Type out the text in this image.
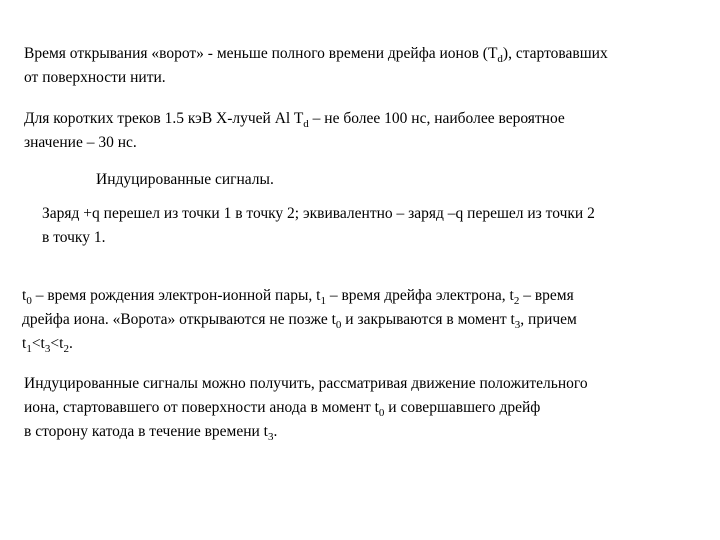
Время открывания «ворот» - меньше полного времени дрейфа ионов $(T_d)$, стартовавших
от поверхности нити.
Для коротких треков 1.5 кэВ X-лучей Al $T_d$ – не более 100 нс, наиболее вероятное
значение – 30 нс.
Индуцированные сигналы.
Заряд +q перешел из точки 1 в точку 2; эквивалентно – заряд –q перешел из точки 2
в точку 1.
$t_0$ – время рождения электрон-ионной пары, $t_1$ – время дрейфа электрона, $t_2$ – время
дрейфа иона. «Ворота» открываются не позже $t_0$ и закрываются в момент $t_3$, причем
$t_1<t_3<t_2$.
Индуцированные сигналы можно получить, рассматривая движение положительного
иона, стартовавшего от поверхности анода в момент $t_0$ и совершавшего дрейф
в сторону катода в течение времени $t_3$.
